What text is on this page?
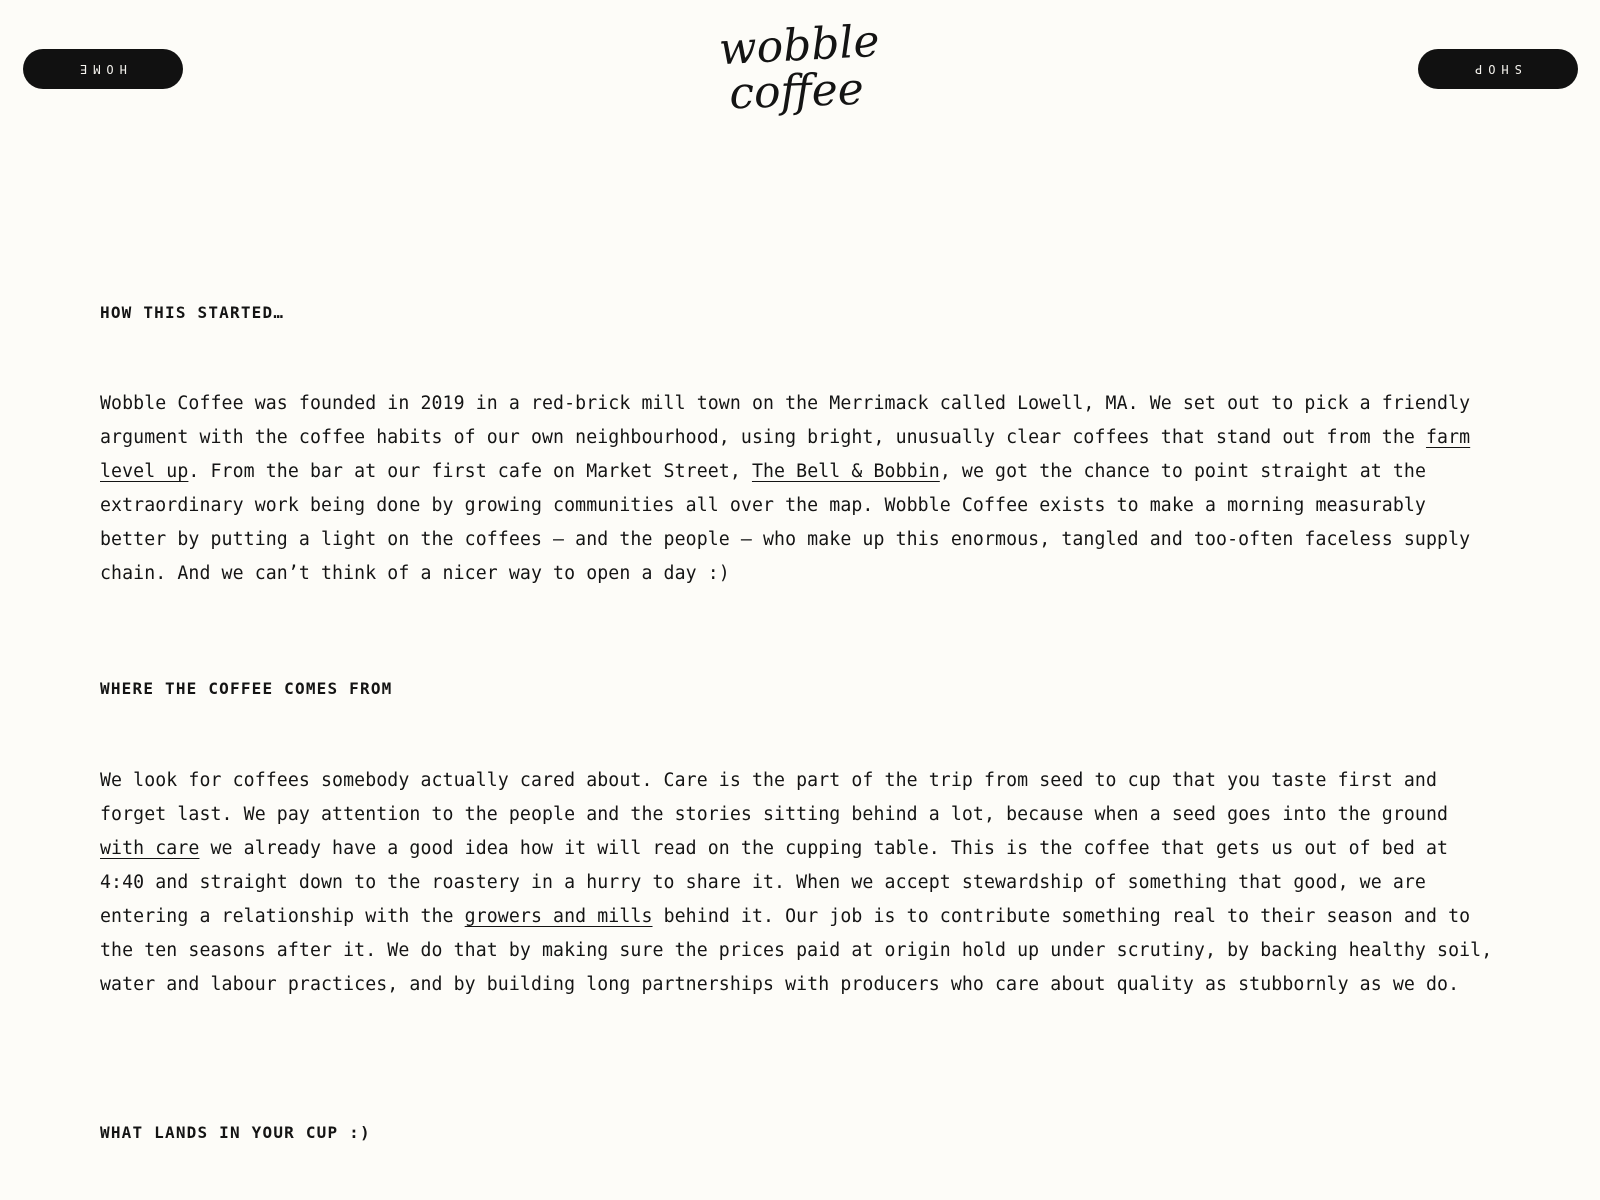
HOME	wobble
coffee	SHOP
HOW THIS STARTED…

Wobble Coffee was founded in 2019 in a red-brick mill town on the Merrimack called Lowell, MA. We set out to pick a friendly argument with the coffee habits of our own neighbourhood, using bright, unusually clear coffees that stand out from the farm level up. From the bar at our first cafe on Market Street, The Bell & Bobbin, we got the chance to point straight at the extraordinary work being done by growing communities all over the map. Wobble Coffee exists to make a morning measurably better by putting a light on the coffees — and the people — who make up this enormous, tangled and too-often faceless supply chain. And we can’t think of a nicer way to open a day :)

WHERE THE COFFEE COMES FROM

We look for coffees somebody actually cared about. Care is the part of the trip from seed to cup that you taste first and forget last. We pay attention to the people and the stories sitting behind a lot, because when a seed goes into the ground with care we already have a good idea how it will read on the cupping table. This is the coffee that gets us out of bed at 4:40 and straight down to the roastery in a hurry to share it. When we accept stewardship of something that good, we are entering a relationship with the growers and mills behind it. Our job is to contribute something real to their season and to the ten seasons after it. We do that by making sure the prices paid at origin hold up under scrutiny, by backing healthy soil, water and labour practices, and by building long partnerships with producers who care about quality as stubbornly as we do.

WHAT LANDS IN YOUR CUP :)
